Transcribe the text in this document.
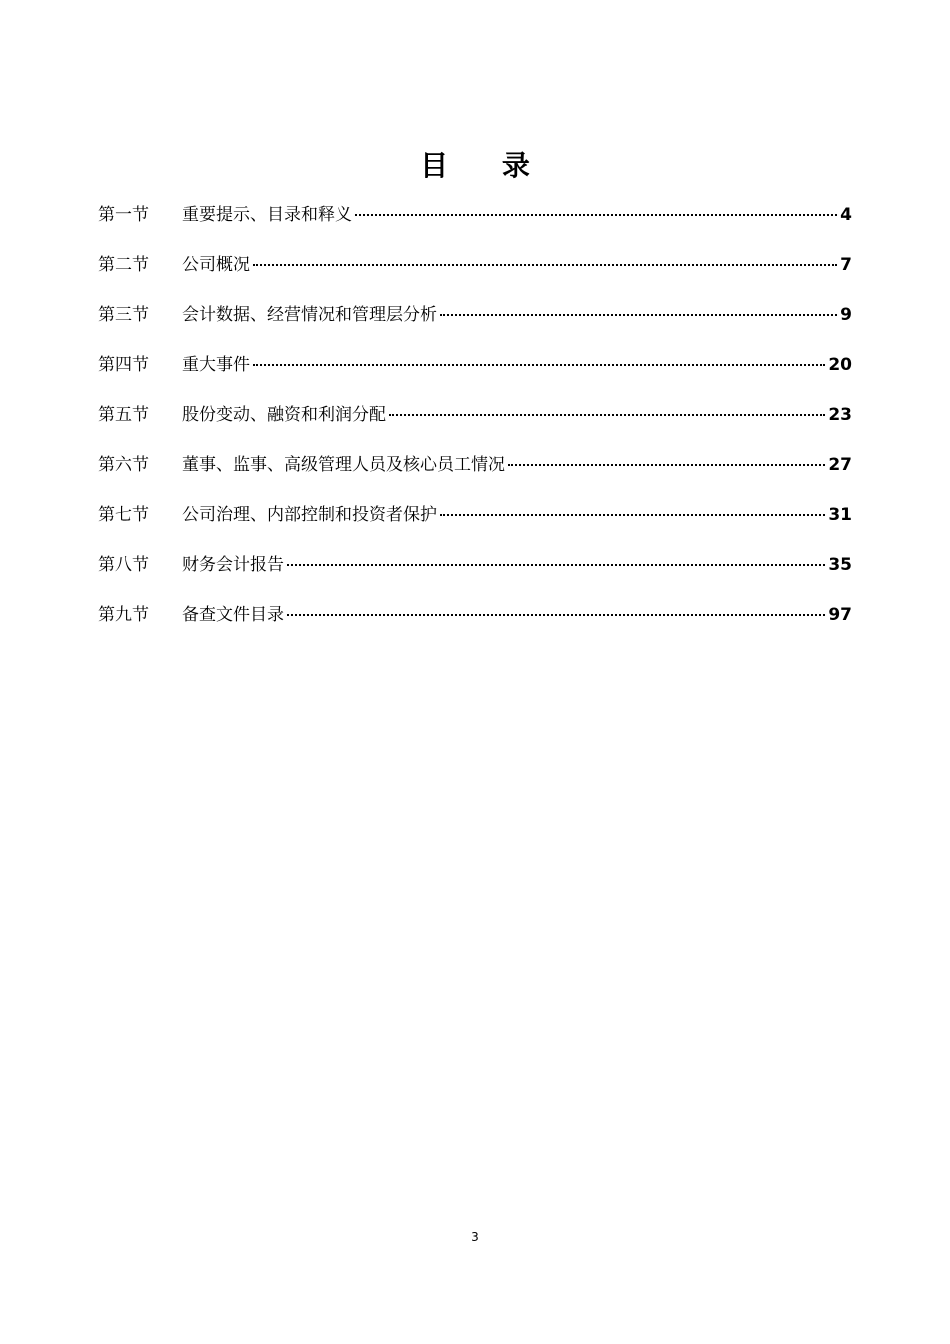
目 录
第一节	重要提示、目录和释义	4
第二节	公司概况	7
第三节	会计数据、经营情况和管理层分析	9
第四节	重大事件	20
第五节	股份变动、融资和利润分配	23
第六节	董事、监事、高级管理人员及核心员工情况	27
第七节	公司治理、内部控制和投资者保护	31
第八节	财务会计报告	35
第九节	备查文件目录	97
3
